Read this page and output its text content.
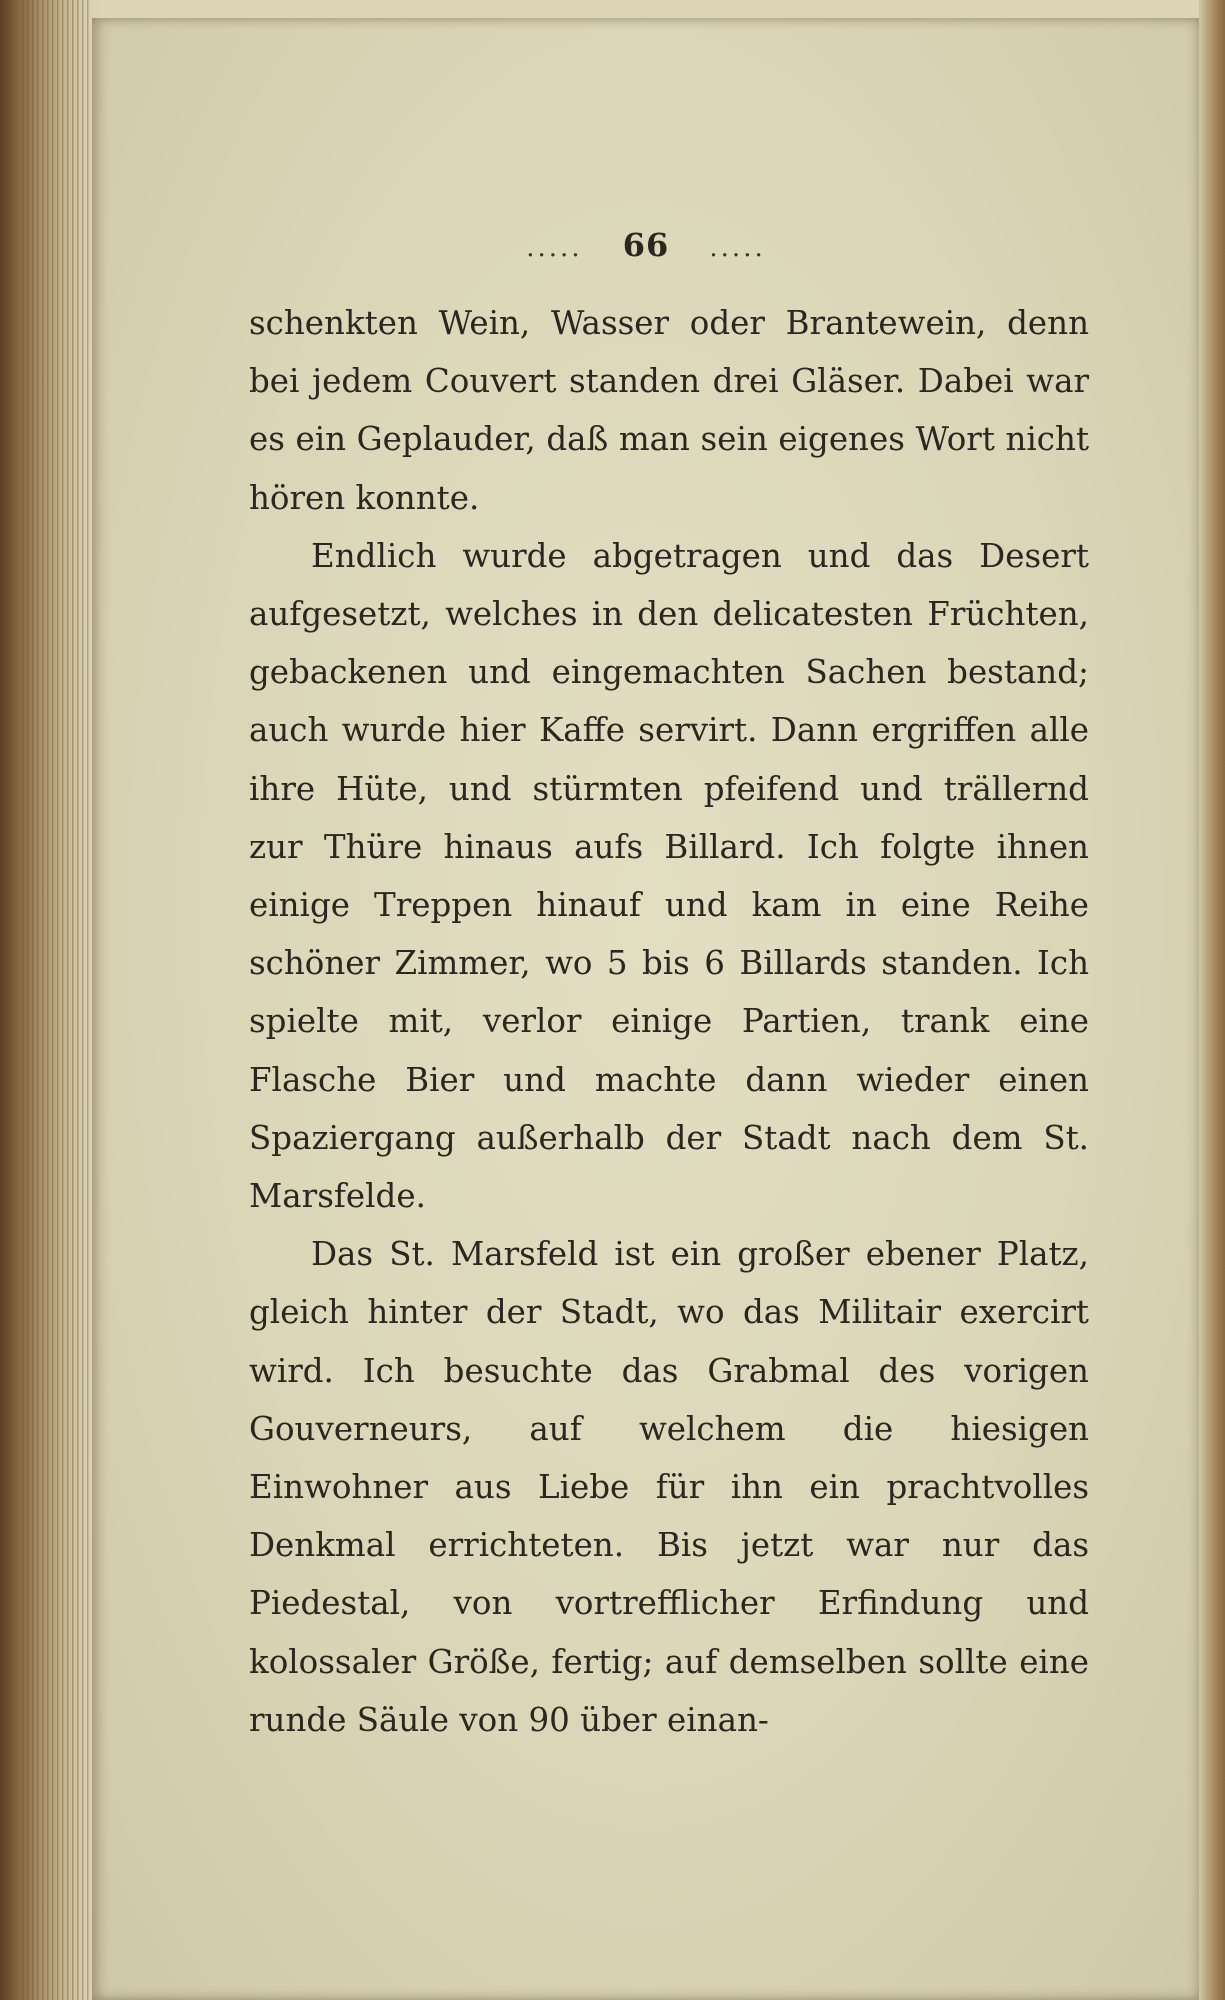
..... 66 .....

schenkten Wein, Wasser oder Brantewein, denn bei jedem Couvert standen drei Gläser. Dabei war es ein Geplauder, daß man sein eigenes Wort nicht hören konnte.

Endlich wurde abgetragen und das Desert aufgesetzt, welches in den delicatesten Früchten, gebackenen und eingemachten Sachen bestand; auch wurde hier Kaffe servirt. Dann ergriffen alle ihre Hüte, und stürmten pfeifend und trällernd zur Thüre hinaus aufs Billard. Ich folgte ihnen einige Treppen hinauf und kam in eine Reihe schöner Zimmer, wo 5 bis 6 Billards standen. Ich spielte mit, verlor einige Partien, trank eine Flasche Bier und machte dann wieder einen Spaziergang außerhalb der Stadt nach dem St. Marsfelde.

Das St. Marsfeld ist ein großer ebener Platz, gleich hinter der Stadt, wo das Militair exercirt wird. Ich besuchte das Grabmal des vorigen Gouverneurs, auf welchem die hiesigen Einwohner aus Liebe für ihn ein prachtvolles Denkmal errichteten. Bis jetzt war nur das Piedestal, von vortrefflicher Erfindung und kolossaler Größe, fertig; auf demselben sollte eine runde Säule von 90 über einan-
